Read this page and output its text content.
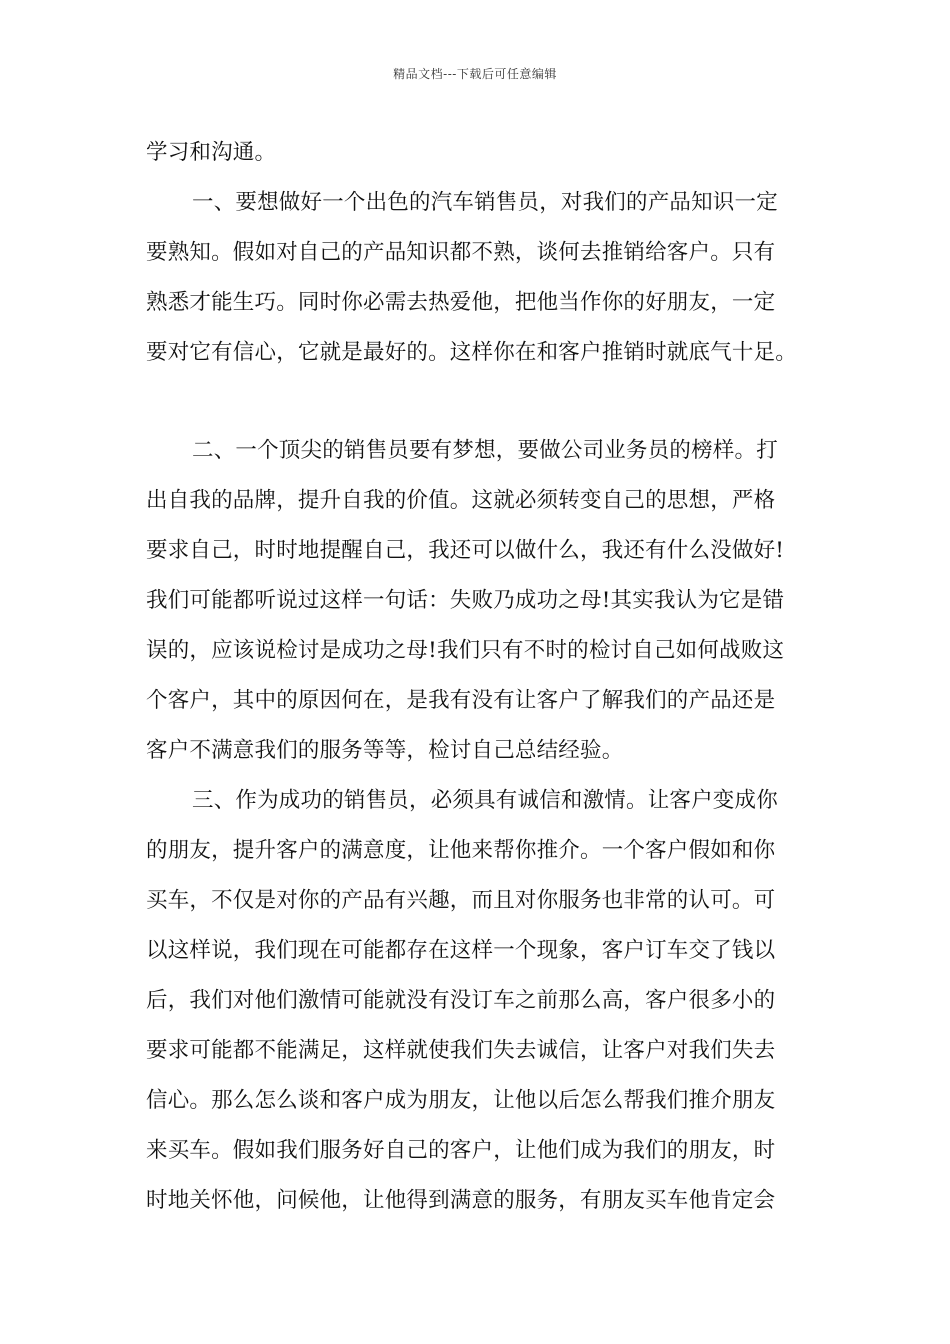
精品文档---下载后可任意编辑
学习和沟通。
一、要想做好一个出色的汽车销售员，对我们的产品知识一定
要熟知。假如对自己的产品知识都不熟，谈何去推销给客户。只有
熟悉才能生巧。同时你必需去热爱他，把他当作你的好朋友，一定
要对它有信心，它就是最好的。这样你在和客户推销时就底气十足。
二、一个顶尖的销售员要有梦想，要做公司业务员的榜样。打
出自我的品牌，提升自我的价值。这就必须转变自己的思想，严格
要求自己，时时地提醒自己，我还可以做什么，我还有什么没做好!
我们可能都听说过这样一句话：失败乃成功之母!其实我认为它是错
误的，应该说检讨是成功之母!我们只有不时的检讨自己如何战败这
个客户，其中的原因何在，是我有没有让客户了解我们的产品还是
客户不满意我们的服务等等，检讨自己总结经验。
三、作为成功的销售员，必须具有诚信和激情。让客户变成你
的朋友，提升客户的满意度，让他来帮你推介。一个客户假如和你
买车，不仅是对你的产品有兴趣，而且对你服务也非常的认可。可
以这样说，我们现在可能都存在这样一个现象，客户订车交了钱以
后，我们对他们激情可能就没有没订车之前那么高，客户很多小的
要求可能都不能满足，这样就使我们失去诚信，让客户对我们失去
信心。那么怎么谈和客户成为朋友，让他以后怎么帮我们推介朋友
来买车。假如我们服务好自己的客户，让他们成为我们的朋友，时
时地关怀他，问候他，让他得到满意的服务，有朋友买车他肯定会
